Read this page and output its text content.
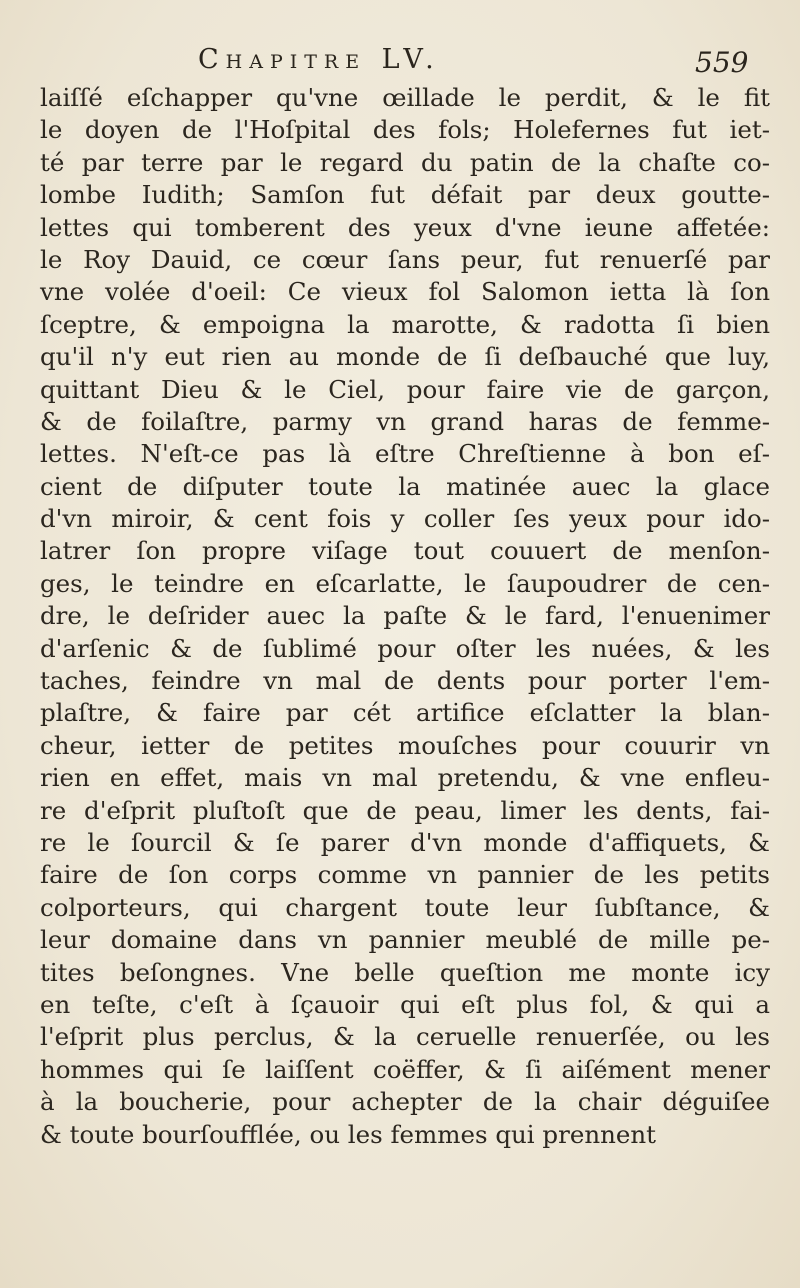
Chapitre LV.	559
laiſſé eſchapper qu'vne œillade le perdit, & le fit
le doyen de l'Hoſpital des fols; Holefernes fut iet-
té par terre par le regard du patin de la chaſte co-
lombe Iudith; Samſon fut défait par deux goutte-
lettes qui tomberent des yeux d'vne ieune affetée:
le Roy Dauid, ce cœur ſans peur, fut renuerſé par
vne volée d'oeil: Ce vieux fol Salomon ietta là ſon
ſceptre, & empoigna la marotte, & radotta ſi bien
qu'il n'y eut rien au monde de ſi deſbauché que luy,
quittant Dieu & le Ciel, pour faire vie de garçon,
& de foilaſtre, parmy vn grand haras de femme-
lettes. N'eſt-ce pas là eſtre Chreſtienne à bon eſ-
cient de diſputer toute la matinée auec la glace
d'vn miroir, & cent fois y coller ſes yeux pour ido-
latrer ſon propre viſage tout couuert de menſon-
ges, le teindre en eſcarlatte, le ſaupoudrer de cen-
dre, le deſrider auec la paſte & le fard, l'enuenimer
d'arſenic & de ſublimé pour oſter les nuées, & les
taches, feindre vn mal de dents pour porter l'em-
plaſtre, & faire par cét artifice eſclatter la blan-
cheur, ietter de petites mouſches pour couurir vn
rien en effet, mais vn mal pretendu, & vne enfleu-
re d'eſprit pluſtoſt que de peau, limer les dents, fai-
re le ſourcil & ſe parer d'vn monde d'affiquets, &
faire de ſon corps comme vn pannier de les petits
colporteurs, qui chargent toute leur ſubſtance, &
leur domaine dans vn pannier meublé de mille pe-
tites beſongnes. Vne belle queſtion me monte icy
en teſte, c'eſt à ſçauoir qui eſt plus fol, & qui a
l'eſprit plus perclus, & la ceruelle renuerſée, ou les
hommes qui ſe laiſſent coëffer, & ſi aiſément mener
à la boucherie, pour achepter de la chair déguiſee
& toute bourſoufflée, ou les femmes qui prennent
